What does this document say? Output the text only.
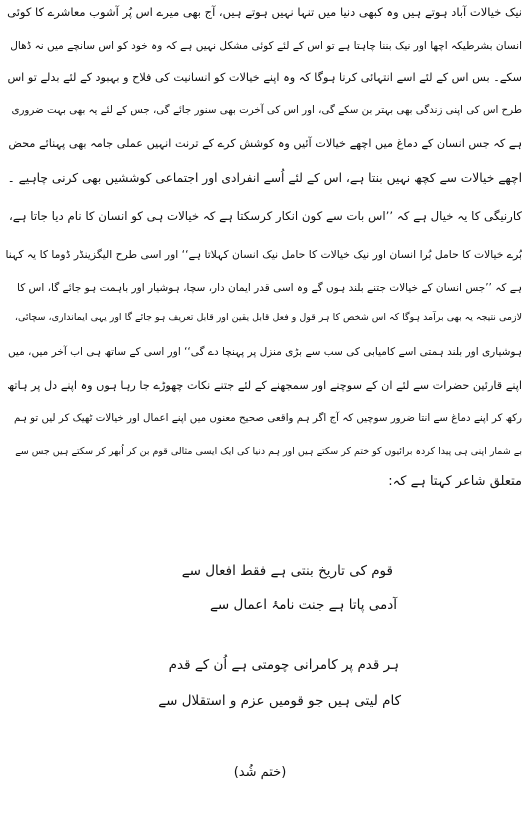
نیک خیالات آباد ہوتے ہیں وہ کبھی دنیا میں تنہا نہیں ہوتے ہیں، آج بھی میرے اس پُر آشوب معاشرے کا کوئی
انسان بشرطیکہ اچھا اور نیک بننا چاہتا ہے تو اس کے لئے کوئی مشکل نہیں ہے کہ وہ خود کو اس سانچے میں نہ ڈھال
سکے۔ بس اس کے لئے اسے انتہائی کرنا ہوگا کہ وہ اپنے خیالات کو انسانیت کی فلاح و بہبود کے لئے بدلے تو اس
طرح اس کی اپنی زندگی بھی بہتر بن سکے گی، اور اس کی آخرت بھی سنور جائے گی، جس کے لئے یہ بھی بہت ضروری
ہے کہ جس انسان کے دماغ میں اچھے خیالات آئیں وہ کوشش کرے کے ترنت انہیں عملی جامہ بھی پہنائے محض
اچھے خیالات سے کچھ نہیں بنتا ہے، اس کے لئے اُسے انفرادی اور اجتماعی کوششیں بھی کرنی چاہیے ۔
کارنیگی کا یہ خیال ہے کہ ’’اس بات سے کون انکار کرسکتا ہے کہ خیالات ہی کو انسان کا نام دیا جاتا ہے،
بُرے خیالات کا حامل بُرا انسان اور نیک خیالات کا حامل نیک انسان کہلاتا ہے‘‘ اور اسی طرح الیگزینڈر ڈوما کا یہ کہنا
ہے کہ ’’جس انسان کے خیالات جتنے بلند ہوں گے وہ اسی قدر ایمان دار، سچا، ہوشیار اور باہمت ہو جائے گا، اس کا
لازمی نتیجہ یہ بھی برآمد ہوگا کہ اس شخص کا ہر قول و فعل قابل یقین اور قابل تعریف ہو جائے گا اور یہی ایمانداری، سچائی،
ہوشیاری اور بلند ہمتی اسے کامیابی کی سب سے بڑی منزل پر پہنچا دے گی‘‘ اور اسی کے ساتھ ہی اب آخر میں، میں
اپنے قارئین حضرات سے لئے ان کے سوچنے اور سمجھنے کے لئے جتنے نکات چھوڑے جا رہا ہوں وہ اپنے دل پر ہاتھ
رکھ کر اپنے دماغ سے انتا ضرور سوچیں کہ آج اگر ہم واقعی صحیح معنوں میں اپنے اعمال اور خیالات ٹھیک کر لیں تو ہم
بے شمار اپنی ہی پیدا کردہ برائیوں کو ختم کر سکتے ہیں اور ہم دنیا کی ایک ایسی مثالی قوم بن کر اُبھر کر سکتے ہیں جس سے
متعلق شاعر کہتا ہے کہ:
قوم کی تاریخ بنتی ہے فقط افعال سے
آدمی پاتا ہے جنت نامۂ اعمال سے
ہر قدم پر کامرانی چومتی ہے اُن کے قدم
کام لیتی ہیں جو قومیں عزم و استقلال سے
(ختم شُد)
